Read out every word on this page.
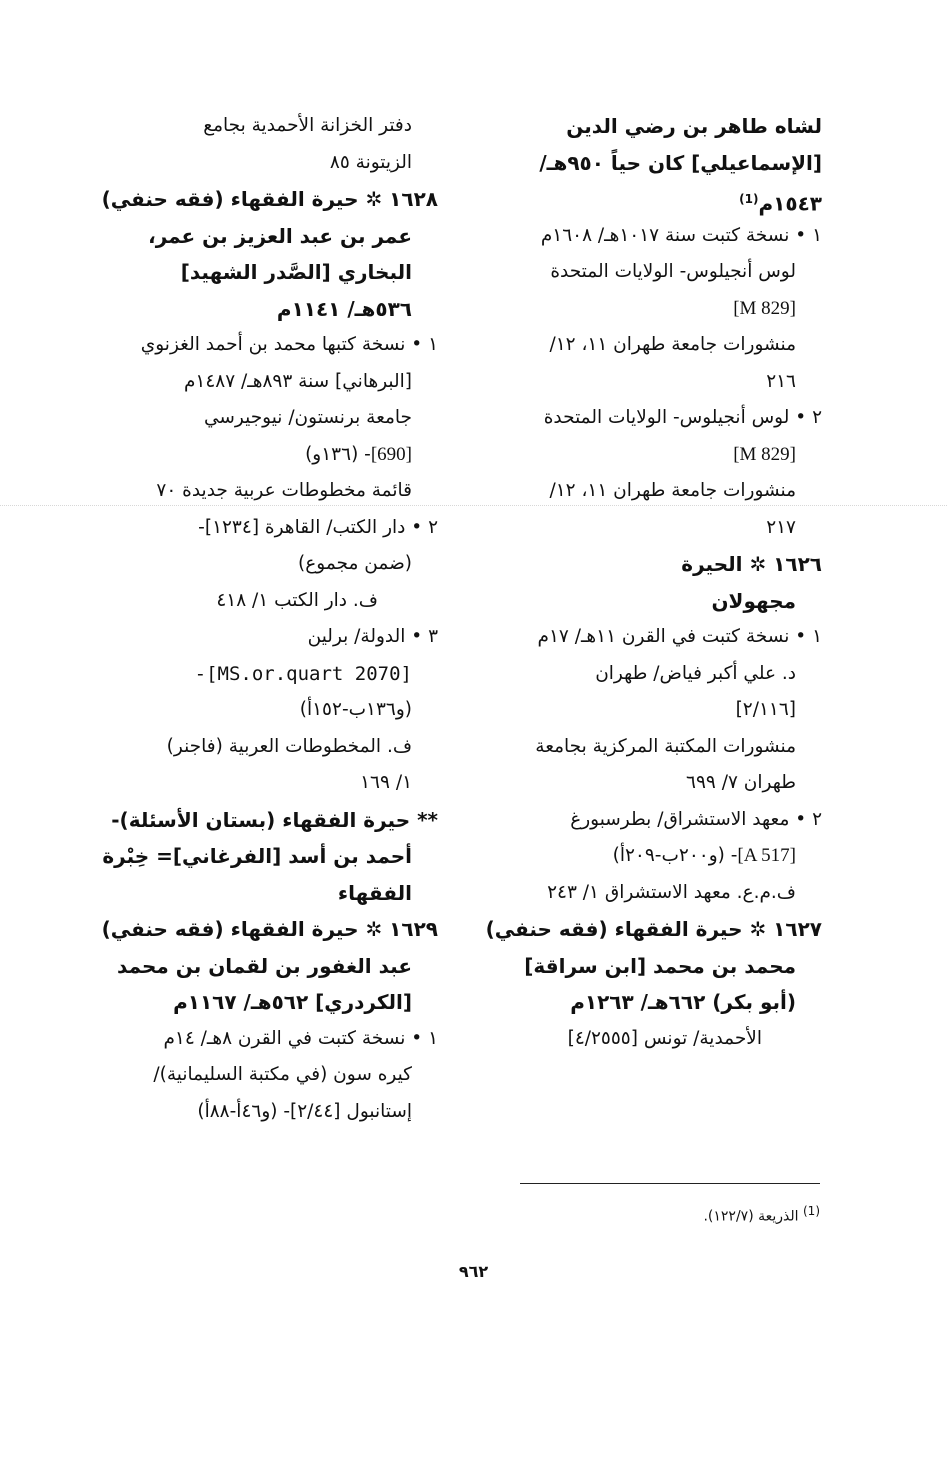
لشاه طاهر بن رضي الدين
[الإسماعيلي] كان حياً ٩٥٠هـ/
١٥٤٣م$^{(1)}$
١ • نسخة كتبت سنة ١٠١٧هـ/ ١٦٠٨م
لوس أنجيلوس- الولايات المتحدة
[M 829]
منشورات جامعة طهران ١١، ١٢/
٢١٦
٢ • لوس أنجيلوس- الولايات المتحدة
[M 829]
منشورات جامعة طهران ١١، ١٢/
٢١٧
١٦٢٦ ✲ الحيرة
مجهولان
١ • نسخة كتبت في القرن ١١هـ/ ١٧م
د. علي أكبر فياض/ طهران
[٢/١١٦]
منشورات المكتبة المركزية بجامعة
طهران ٧/ ٦٩٩
٢ • معهد الاستشراق/ بطرسبورغ
[A 517]- (و٢٠٠ب-٢٠٩أ)
ف.م.ع. معهد الاستشراق ١/ ٢٤٣
١٦٢٧ ✲ حيرة الفقهاء (فقه حنفي)
محمد بن محمد [ابن سراقة]
(أبو بكر) ٦٦٢هـ/ ١٢٦٣م
الأحمدية/ تونس [٤/٢٥٥٥]
دفتر الخزانة الأحمدية بجامع
الزيتونة ٨٥
١٦٢٨ ✲ حيرة الفقهاء (فقه حنفي)
عمر بن عبد العزيز بن عمر،
البخاري [الصَّدر الشهيد]
٥٣٦هـ/ ١١٤١م
١ • نسخة كتبها محمد بن أحمد الغزنوي
[البرهاني] سنة ٨٩٣هـ/ ١٤٨٧م
جامعة برنستون/ نيوجيرسي
[690]- (١٣٦و)
قائمة مخطوطات عربية جديدة ٧٠
٢ • دار الكتب/ القاهرة [١٢٣٤]-
(ضمن مجموع)
ف. دار الكتب ١/ ٤١٨
٣ • الدولة/ برلين
-[MS.or.quart 2070]
(و١٣٦ب-١٥٢أ)
ف. المخطوطات العربية (فاجنر)
١/ ١٦٩
** حيرة الفقهاء (بستان الأسئلة)-
أحمد بن أسد [الفرغاني]= خِبْرة
الفقهاء
١٦٢٩ ✲ حيرة الفقهاء (فقه حنفي)
عبد الغفور بن لقمان بن محمد
[الكردري] ٥٦٢هـ/ ١١٦٧م
١ • نسخة كتبت في القرن ٨هـ/ ١٤م
كيره سون (في مكتبة السليمانية)/
إستانبول [٢/٤٤]- (و٤٦أ-٨٨أ)
(1) الذريعة (١٢٢/٧).
٩٦٢
